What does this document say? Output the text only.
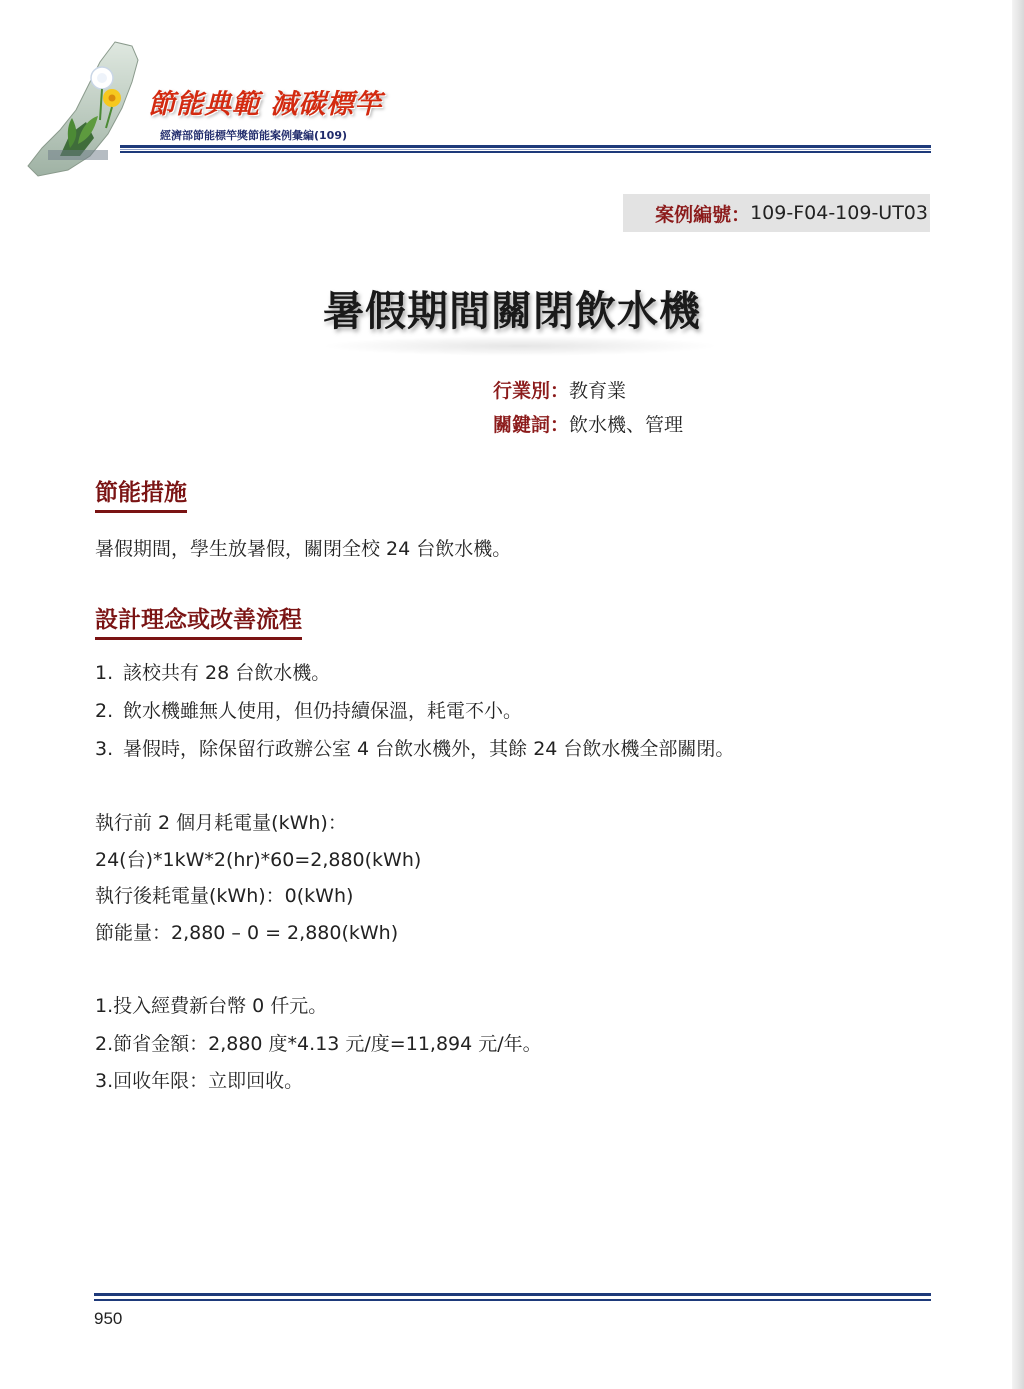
節能典範 減碳標竿
經濟部節能標竿獎節能案例彙編(109)
案例編號： 109-F04-109-UT03
暑假期間關閉飲水機
行業別：教育業
關鍵詞：飲水機、管理
節能措施
暑假期間，學生放暑假，關閉全校 24 台飲水機。
設計理念或改善流程
1. 該校共有 28 台飲水機。
2. 飲水機雖無人使用，但仍持續保溫，耗電不小。
3. 暑假時，除保留行政辦公室 4 台飲水機外，其餘 24 台飲水機全部關閉。
執行前 2 個月耗電量(kWh)：
24(台)*1kW*2(hr)*60=2,880(kWh)
執行後耗電量(kWh)：0(kWh)
節能量：2,880 – 0 = 2,880(kWh)
1.投入經費新台幣 0 仟元。
2.節省金額：2,880 度*4.13 元/度=11,894 元/年。
3.回收年限：立即回收。
950
